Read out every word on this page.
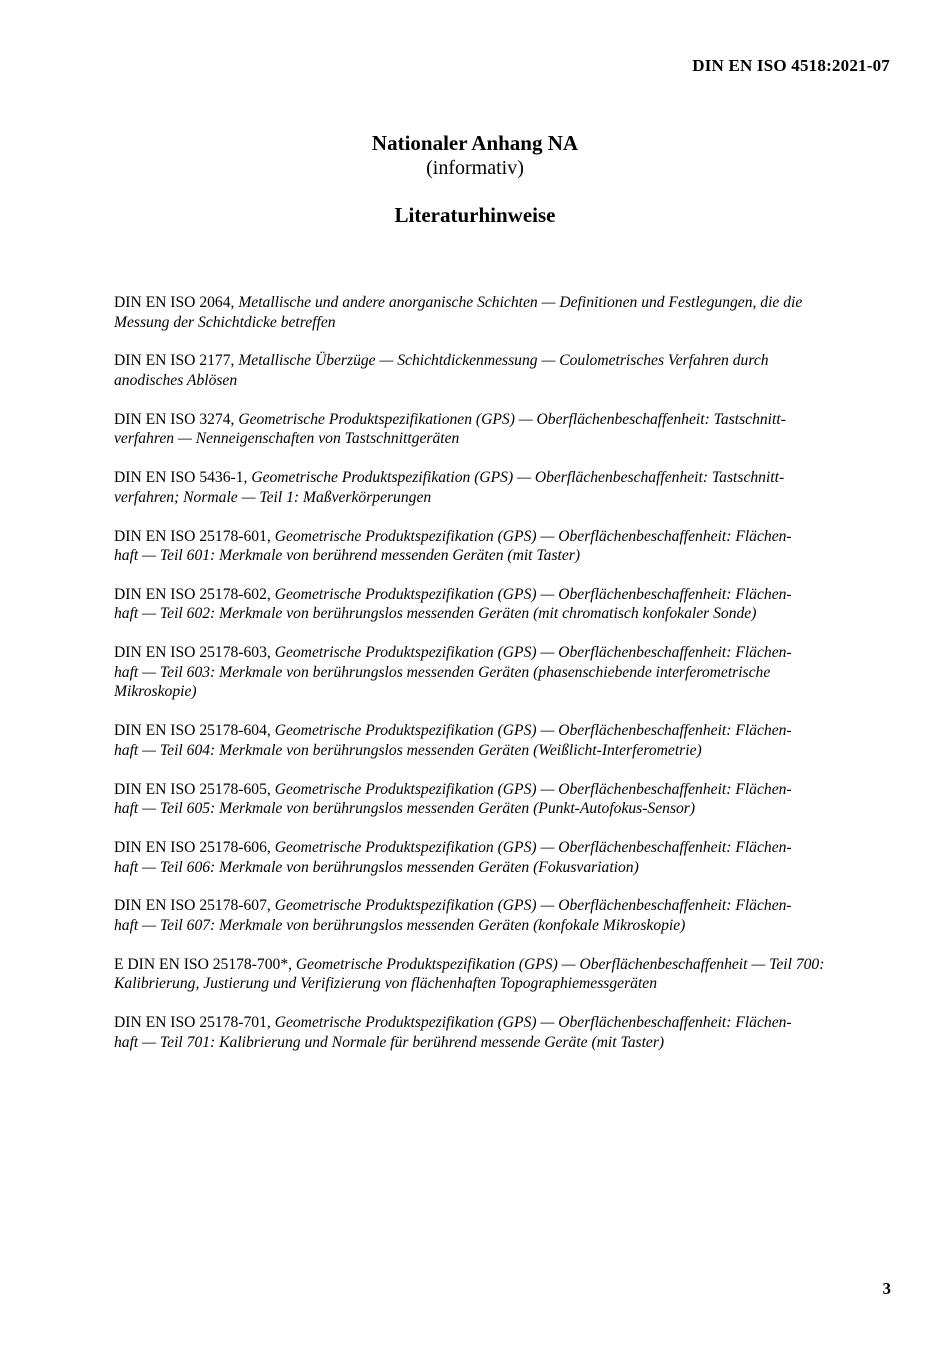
DIN EN ISO 4518:2021-07
Nationaler Anhang NA
(informativ)
Literaturhinweise

DIN EN ISO 2064, Metallische und andere anorganische Schichten — Definitionen und Festlegungen, die die
Messung der Schichtdicke betreffen

DIN EN ISO 2177, Metallische Überzüge — Schichtdickenmessung — Coulometrisches Verfahren durch
anodisches Ablösen

DIN EN ISO 3274, Geometrische Produktspezifikationen (GPS) — Oberflächenbeschaffenheit: Tastschnitt-
verfahren — Nenneigenschaften von Tastschnittgeräten

DIN EN ISO 5436-1, Geometrische Produktspezifikation (GPS) — Oberflächenbeschaffenheit: Tastschnitt-
verfahren; Normale — Teil 1: Maßverkörperungen

DIN EN ISO 25178-601, Geometrische Produktspezifikation (GPS) — Oberflächenbeschaffenheit: Flächen-
haft — Teil 601: Merkmale von berührend messenden Geräten (mit Taster)

DIN EN ISO 25178-602, Geometrische Produktspezifikation (GPS) — Oberflächenbeschaffenheit: Flächen-
haft — Teil 602: Merkmale von berührungslos messenden Geräten (mit chromatisch konfokaler Sonde)

DIN EN ISO 25178-603, Geometrische Produktspezifikation (GPS) — Oberflächenbeschaffenheit: Flächen-
haft — Teil 603: Merkmale von berührungslos messenden Geräten (phasenschiebende interferometrische
Mikroskopie)

DIN EN ISO 25178-604, Geometrische Produktspezifikation (GPS) — Oberflächenbeschaffenheit: Flächen-
haft — Teil 604: Merkmale von berührungslos messenden Geräten (Weißlicht-Interferometrie)

DIN EN ISO 25178-605, Geometrische Produktspezifikation (GPS) — Oberflächenbeschaffenheit: Flächen-
haft — Teil 605: Merkmale von berührungslos messenden Geräten (Punkt-Autofokus-Sensor)

DIN EN ISO 25178-606, Geometrische Produktspezifikation (GPS) — Oberflächenbeschaffenheit: Flächen-
haft — Teil 606: Merkmale von berührungslos messenden Geräten (Fokusvariation)

DIN EN ISO 25178-607, Geometrische Produktspezifikation (GPS) — Oberflächenbeschaffenheit: Flächen-
haft — Teil 607: Merkmale von berührungslos messenden Geräten (konfokale Mikroskopie)

E DIN EN ISO 25178-700*, Geometrische Produktspezifikation (GPS) — Oberflächenbeschaffenheit — Teil 700:
Kalibrierung, Justierung und Verifizierung von flächenhaften Topographiemessgeräten

DIN EN ISO 25178-701, Geometrische Produktspezifikation (GPS) — Oberflächenbeschaffenheit: Flächen-
haft — Teil 701: Kalibrierung und Normale für berührend messende Geräte (mit Taster)

3
